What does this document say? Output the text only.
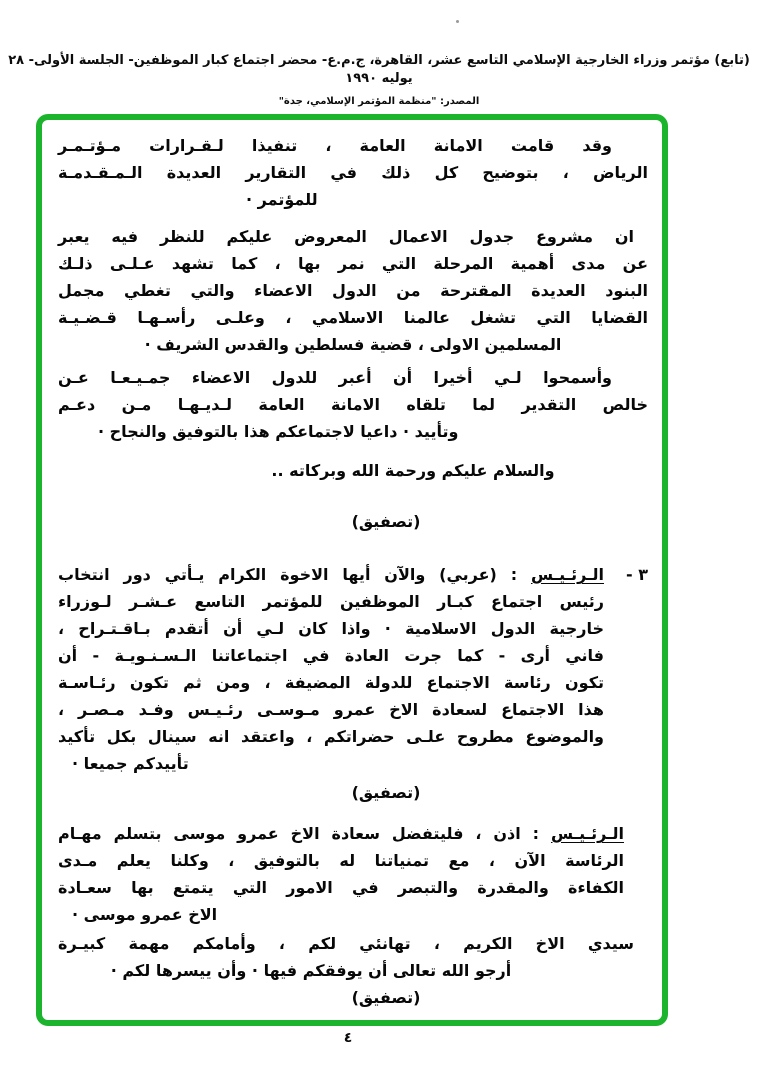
(تابع) مؤتمر وزراء الخارجية الإسلامي التاسع عشر، القاهرة، ج.م.ع- محضر اجتماع كبار الموظفين- الجلسة الأولى- ٢٨ يوليه ١٩٩٠
المصدر: "منظمة المؤتمر الإسلامي، جدة"
وقد قامت الامانة العامة ، تنفيذا لـقـرارات مـؤتـمـر
الرياض ، بتوضيح كل ذلك في التقارير العديدة الـمـقـدمـة
للمؤتمر ·
ان مشروع جدول الاعمال المعروض عليكم للنظر فيه يعبر
عن مدى أهمية المرحلة التي نمر بها ، كما تشهد عـلـى ذلـك
البنود العديدة المقترحة من الدول الاعضاء والتي تغطي مجمل
القضايا التي تشغل عالمنا الاسلامي ، وعلـى رأسـهـا قـضـيـة
المسلمين الاولى ، قضية فسلطين والقدس الشريف ·
وأسمحوا لـي أخيرا أن أعبر للدول الاعضاء جمـيـعـا عـن
خالص التقدير لما تلقاه الامانة العامة لـديـهـا مـن دعـم
وتأييد · داعيا لاجتماعكم هذا بالتوفيق والنجاح ·
والسلام عليكم ورحمة الله وبركاته ..
(تصفيق)
٣ -
الـرئـيـس : (عربي) والآن أيها الاخوة الكرام يـأتي دور انتخاب
رئيس اجتماع كبـار الموظفين للمؤتمر التاسع عـشـر لـوزراء
خارجية الدول الاسلامية · واذا كان لـي أن أتقدم بـاقـتـراح ،
فاني أرى - كما جرت العادة في اجتماعاتنا الـسـنـويـة - أن
تكون رئاسة الاجتماع للدولة المضيفة ، ومن ثم تكون رئـاسـة
هذا الاجتماع لسعادة الاخ عمرو مـوسـى رئـيـس وفـد مـصـر ،
والموضوع مطروح علـى حضراتكم ، واعتقد انه سينال بكل تأكيد
تأييدكم جميعا ·
(تصفيق)
الـرئـيـس : اذن ، فليتفضل سعادة الاخ عمرو موسى بتسلم مهـام
الرئاسة الآن ، مع تمنياتنا له بالتوفيق ، وكلنا يعلم مـدى
الكفاءة والمقدرة والتبصر في الامور التي يتمتع بها سعـادة
الاخ عمرو موسى ·
سيدي الاخ الكريم ، تهانئي لكم ، وأمامكم مهمة كبيـرة
أرجو الله تعالى أن يوفقكم فيها · وأن ييسرها لكم ·
(تصفيق)
٤
